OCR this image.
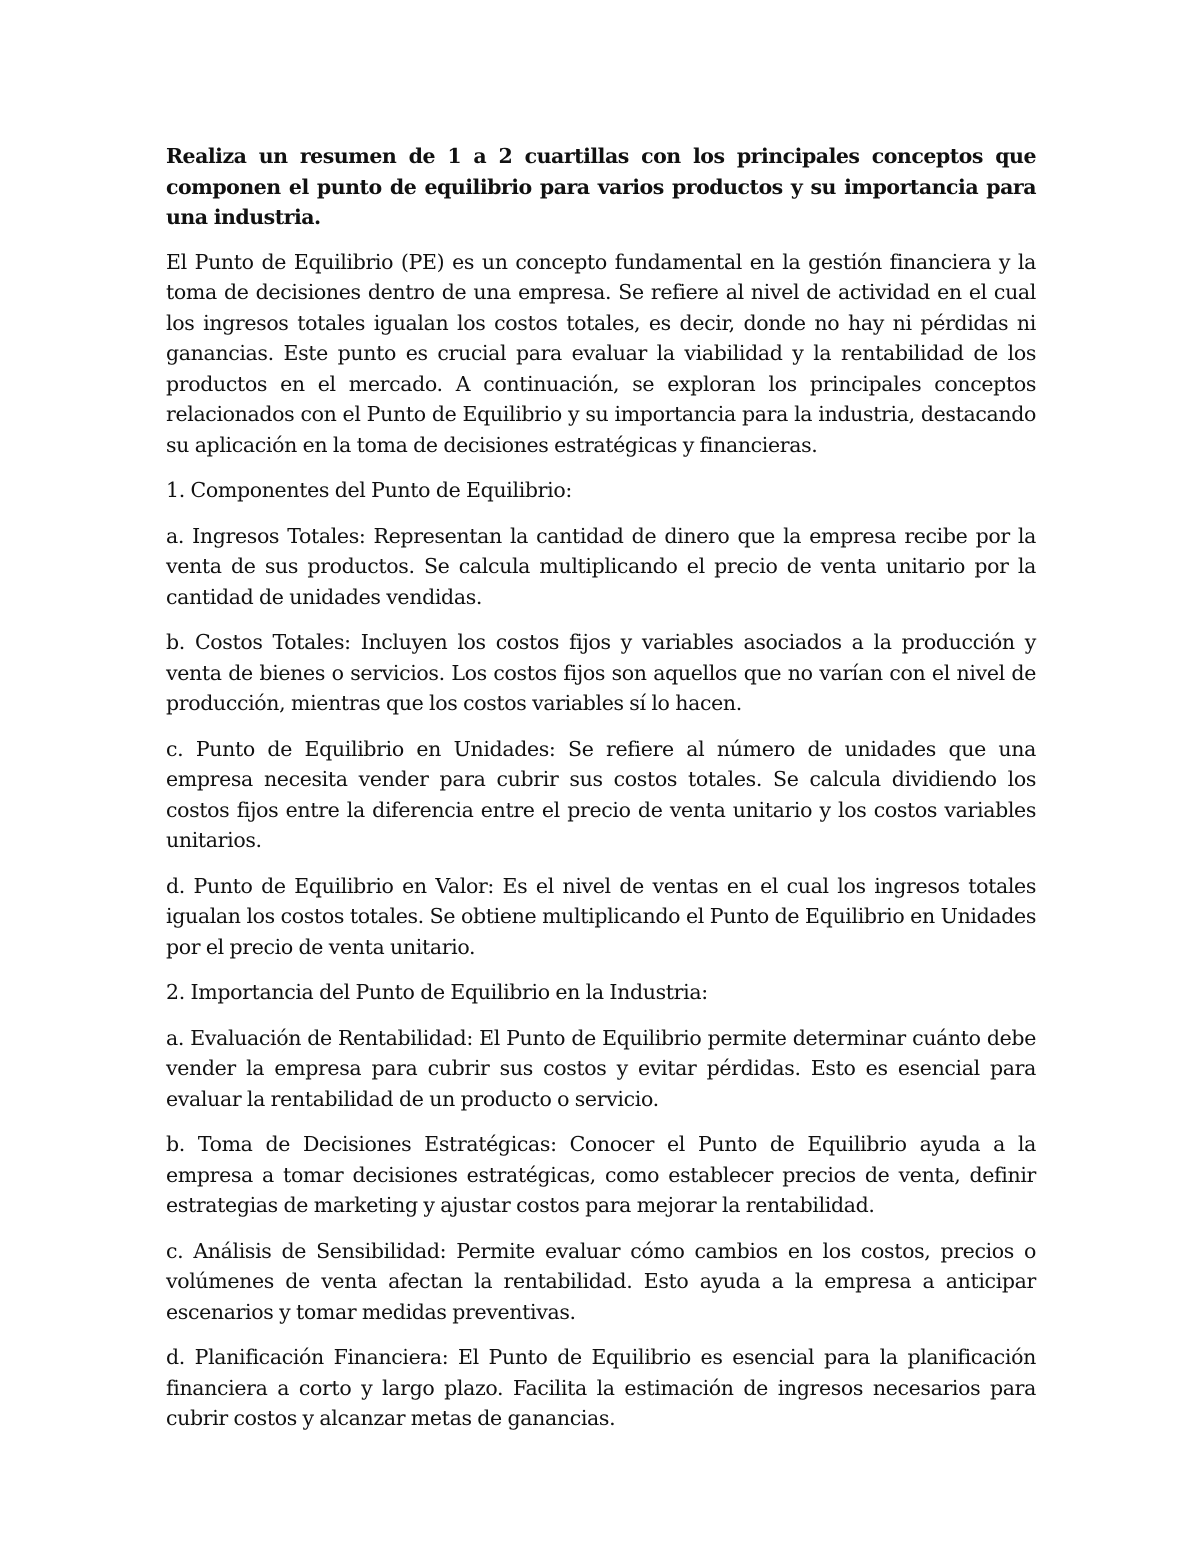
Realiza un resumen de 1 a 2 cuartillas con los principales conceptos que componen el punto de equilibrio para varios productos y su importancia para una industria.

El Punto de Equilibrio (PE) es un concepto fundamental en la gestión financiera y la toma de decisiones dentro de una empresa. Se refiere al nivel de actividad en el cual los ingresos totales igualan los costos totales, es decir, donde no hay ni pérdidas ni ganancias. Este punto es crucial para evaluar la viabilidad y la rentabilidad de los productos en el mercado. A continuación, se exploran los principales conceptos relacionados con el Punto de Equilibrio y su importancia para la industria, destacando su aplicación en la toma de decisiones estratégicas y financieras.

1. Componentes del Punto de Equilibrio:

a. Ingresos Totales: Representan la cantidad de dinero que la empresa recibe por la venta de sus productos. Se calcula multiplicando el precio de venta unitario por la cantidad de unidades vendidas.

b. Costos Totales: Incluyen los costos fijos y variables asociados a la producción y venta de bienes o servicios. Los costos fijos son aquellos que no varían con el nivel de producción, mientras que los costos variables sí lo hacen.

c. Punto de Equilibrio en Unidades: Se refiere al número de unidades que una empresa necesita vender para cubrir sus costos totales. Se calcula dividiendo los costos fijos entre la diferencia entre el precio de venta unitario y los costos variables unitarios.

d. Punto de Equilibrio en Valor: Es el nivel de ventas en el cual los ingresos totales igualan los costos totales. Se obtiene multiplicando el Punto de Equilibrio en Unidades por el precio de venta unitario.

2. Importancia del Punto de Equilibrio en la Industria:

a. Evaluación de Rentabilidad: El Punto de Equilibrio permite determinar cuánto debe vender la empresa para cubrir sus costos y evitar pérdidas. Esto es esencial para evaluar la rentabilidad de un producto o servicio.

b. Toma de Decisiones Estratégicas: Conocer el Punto de Equilibrio ayuda a la empresa a tomar decisiones estratégicas, como establecer precios de venta, definir estrategias de marketing y ajustar costos para mejorar la rentabilidad.

c. Análisis de Sensibilidad: Permite evaluar cómo cambios en los costos, precios o volúmenes de venta afectan la rentabilidad. Esto ayuda a la empresa a anticipar escenarios y tomar medidas preventivas.

d. Planificación Financiera: El Punto de Equilibrio es esencial para la planificación financiera a corto y largo plazo. Facilita la estimación de ingresos necesarios para cubrir costos y alcanzar metas de ganancias.
